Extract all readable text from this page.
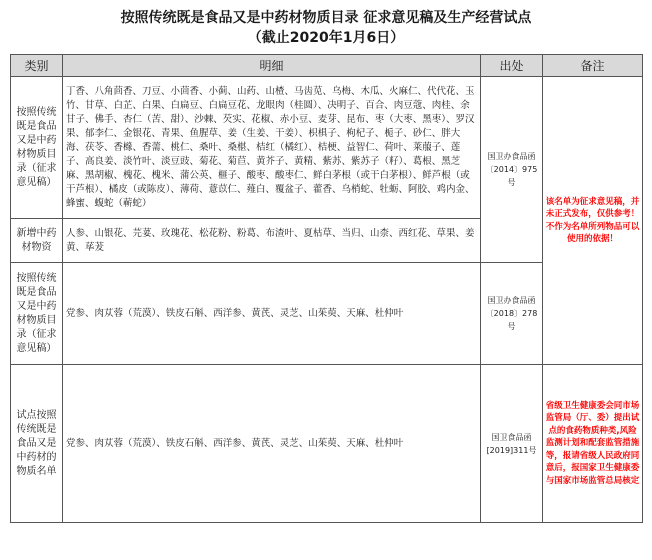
按照传统既是食品又是中药材物质目录 征求意见稿及生产经营试点

（截止2020年1月6日）

类别	明细	出处	备注
按照传统既是食品又是中药材物质目录（征求意见稿）	丁香、八角茴香、刀豆、小茴香、小蓟、山药、山楂、马齿苋、乌梅、木瓜、火麻仁、代代花、玉竹、甘草、白芷、白果、白扁豆、白扁豆花、龙眼肉（桂圆）、决明子、百合、肉豆蔻、肉桂、余甘子、佛手、杏仁（苦、甜）、沙棘、芡实、花椒、赤小豆、麦芽、昆布、枣（大枣、黑枣）、罗汉果、郁李仁、金银花、青果、鱼腥草、姜（生姜、干姜）、枳椇子、枸杞子、栀子、砂仁、胖大海、茯苓、香橼、香薷、桃仁、桑叶、桑椹、桔红（橘红）、桔梗、益智仁、荷叶、莱菔子、莲子、高良姜、淡竹叶、淡豆豉、菊花、菊苣、黄芥子、黄精、紫苏、紫苏子（籽）、葛根、黑芝麻、黑胡椒、槐花、槐米、蒲公英、榧子、酸枣、酸枣仁、鲜白茅根（或干白茅根）、鲜芦根（或干芦根）、橘皮（或陈皮）、薄荷、薏苡仁、薤白、覆盆子、藿香、乌梢蛇、牡蛎、阿胶、鸡内金、蜂蜜、蝮蛇（蕲蛇）	国卫办食品函〔2014〕975号	该名单为征求意见稿，并未正式发布，仅供参考！不作为名单所列物品可以使用的依据！
新增中药材物资	人参、山银花、芫荽、玫瑰花、松花粉、粉葛、布渣叶、夏枯草、当归、山柰、西红花、草果、姜黄、荜茇		
按照传统既是食品又是中药材物质目录（征求意见稿）	党参、肉苁蓉（荒漠）、铁皮石斛、西洋参、黄芪、灵芝、山茱萸、天麻、杜仲叶	国卫办食品函〔2018〕278号	
试点按照传统既是食品又是中药材的物质名单	党参、肉苁蓉（荒漠）、铁皮石斛、西洋参、黄芪、灵芝、山茱萸、天麻、杜仲叶	国卫食品函[2019]311号	省级卫生健康委会同市场监管局（厅、委）提出试点的食药物质种类,风险监测计划和配套监管措施等，报请省级人民政府同意后，报国家卫生健康委与国家市场监管总局核定
